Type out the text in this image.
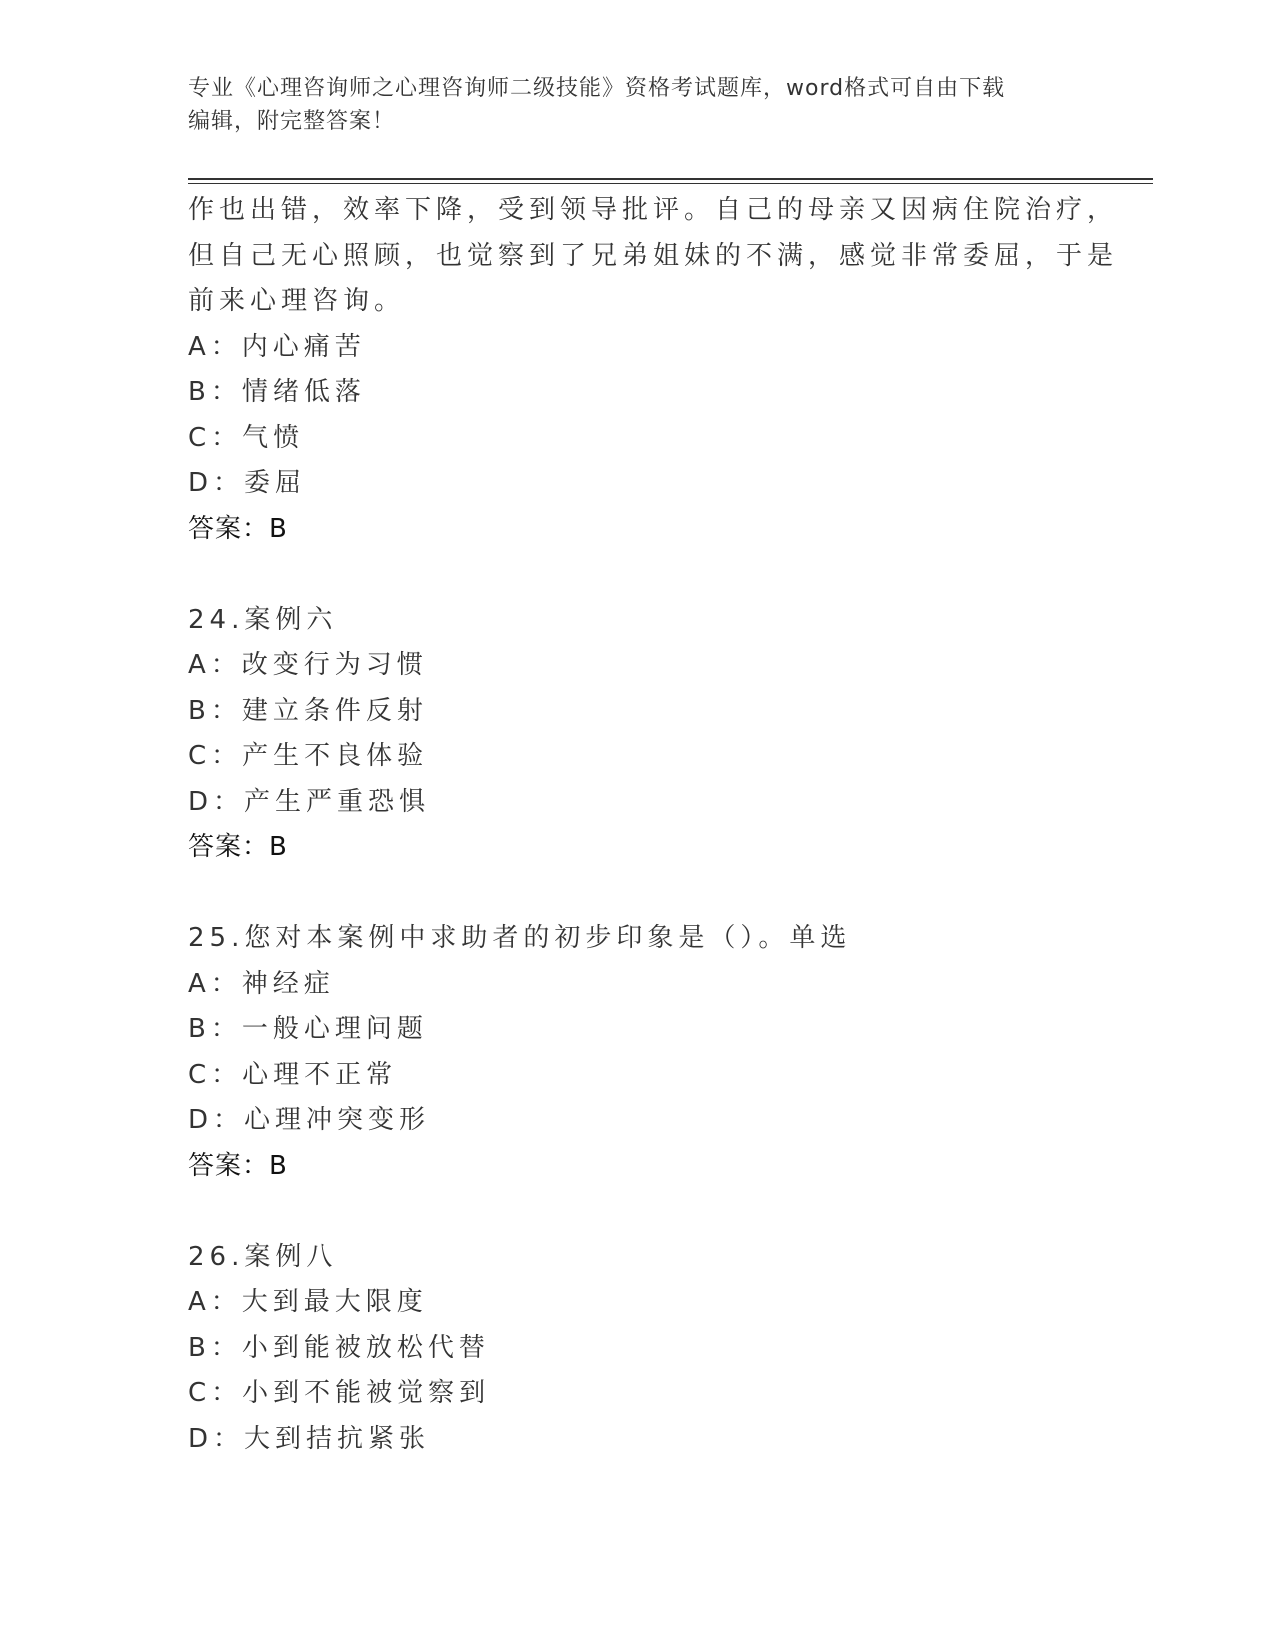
专业《心理咨询师之心理咨询师二级技能》资格考试题库，word格式可自由下载
编辑，附完整答案！
作也出错，效率下降，受到领导批评。自己的母亲又因病住院治疗，
但自己无心照顾，也觉察到了兄弟姐妹的不满，感觉非常委屈，于是
前来心理咨询。
A：内心痛苦
B：情绪低落
C：气愤
D：委屈
答案：B
24.案例六
A：改变行为习惯
B：建立条件反射
C：产生不良体验
D：产生严重恐惧
答案：B
25.您对本案例中求助者的初步印象是（）。单选
A：神经症
B：一般心理问题
C：心理不正常
D：心理冲突变形
答案：B
26.案例八
A：大到最大限度
B：小到能被放松代替
C：小到不能被觉察到
D：大到拮抗紧张
